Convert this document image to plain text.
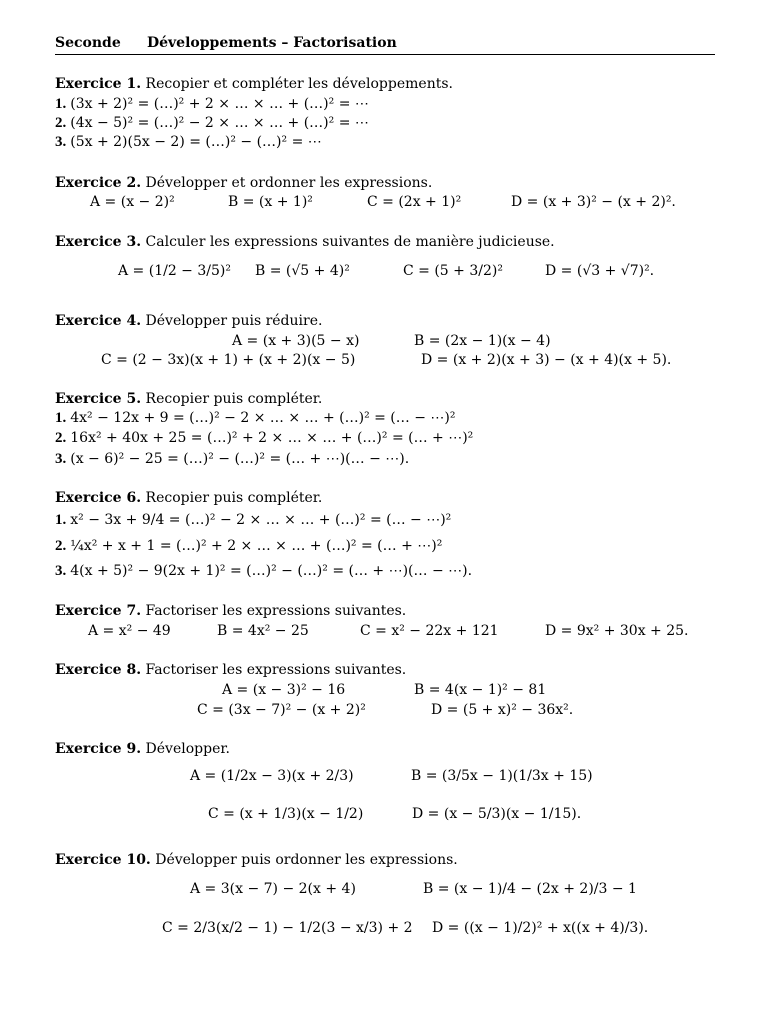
Seconde Développements – Factorisation
Exercice 1. Recopier et compléter les développements.
1. (3x + 2)² = (…)² + 2 × … × … + (…)² = ⋯
2. (4x − 5)² = (…)² − 2 × … × … + (…)² = ⋯
3. (5x + 2)(5x − 2) = (…)² − (…)² = ⋯
Exercice 2. Développer et ordonner les expressions.
A = (x − 2)²	B = (x + 1)²	C = (2x + 1)²	D = (x + 3)² − (x + 2)².
Exercice 3. Calculer les expressions suivantes de manière judicieuse.
A = (1/2 − 3/5)² B = (√5 + 4)²	C = (5 + 3/2)²	D = (√3 + √7)².
Exercice 4. Développer puis réduire.
A = (x + 3)(5 − x)	B = (2x − 1)(x − 4)
C = (2 − 3x)(x + 1) + (x + 2)(x − 5)	D = (x + 2)(x + 3) − (x + 4)(x + 5).
Exercice 5. Recopier puis compléter.
1. 4x² − 12x + 9 = (…)² − 2 × … × … + (…)² = (… − ⋯)²
2. 16x² + 40x + 25 = (…)² + 2 × … × … + (…)² = (… + ⋯)²
3. (x − 6)² − 25 = (…)² − (…)² = (… + ⋯)(… − ⋯).
Exercice 6. Recopier puis compléter.
1. x² − 3x + 9/4 = (…)² − 2 × … × … + (…)² = (… − ⋯)²
2. ¼x² + x + 1 = (…)² + 2 × … × … + (…)² = (… + ⋯)²
3. 4(x + 5)² − 9(2x + 1)² = (…)² − (…)² = (… + ⋯)(… − ⋯).
Exercice 7. Factoriser les expressions suivantes.
A = x² − 49	B = 4x² − 25	C = x² − 22x + 121	D = 9x² + 30x + 25.
Exercice 8. Factoriser les expressions suivantes.
A = (x − 3)² − 16	B = 4(x − 1)² − 81
C = (3x − 7)² − (x + 2)²	D = (5 + x)² − 36x².
Exercice 9. Développer.
A = (1/2x − 3)(x + 2/3)	B = (3/5x − 1)(1/3x + 15)
C = (x + 1/3)(x − 1/2)	D = (x − 5/3)(x − 1/15).
Exercice 10. Développer puis ordonner les expressions.
A = 3(x − 7) − 2(x + 4)	B = (x − 1)/4 − (2x + 2)/3 − 1
C = 2/3(x/2 − 1) − 1/2(3 − x/3) + 2 D = ((x − 1)/2)² + x((x + 4)/3).
